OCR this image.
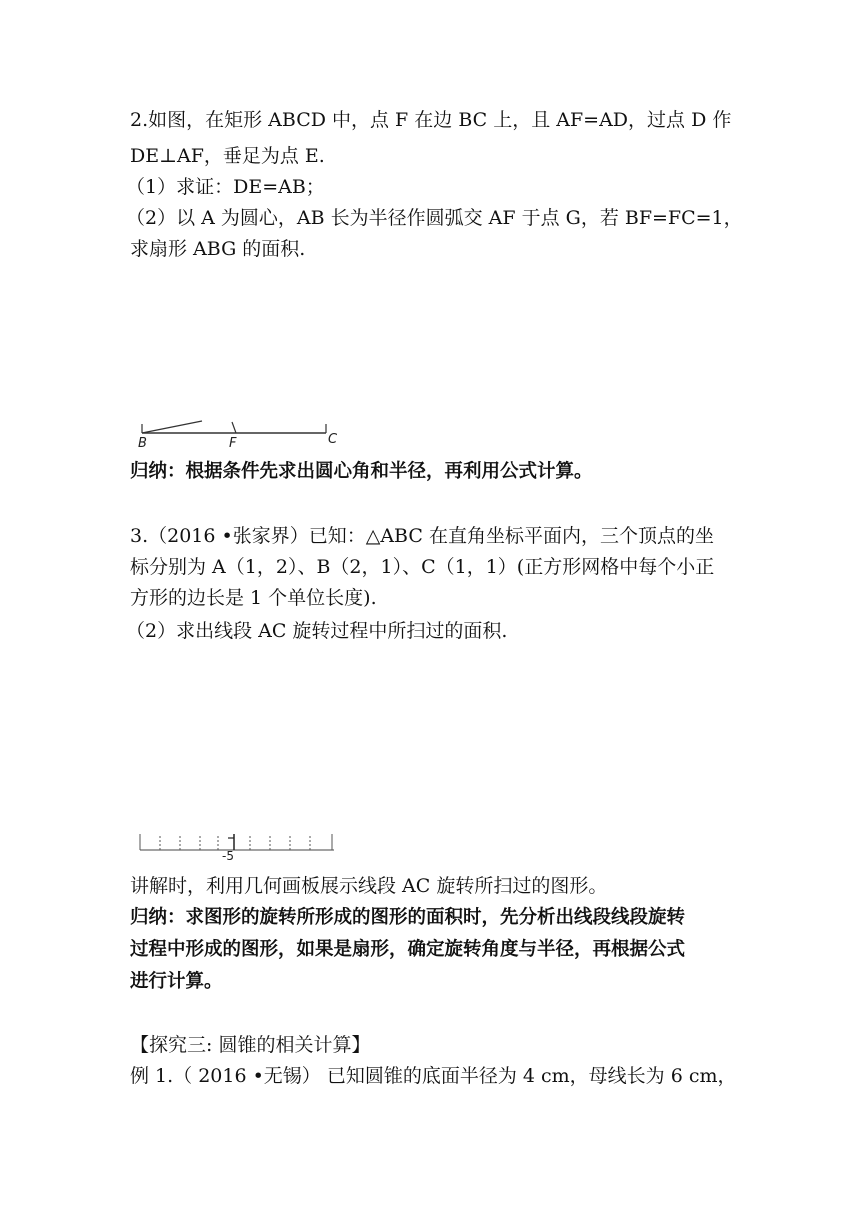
2.如图，在矩形 ABCD 中，点 F 在边 BC 上，且 AF=AD，过点 D 作
DE⊥AF，垂足为点 E.
（1）求证：DE=AB；
（2）以 A 为圆心，AB 长为半径作圆弧交 AF 于点 G，若 BF=FC=1，
求扇形 ABG 的面积.
B	F	C
归纳：根据条件先求出圆心角和半径，再利用公式计算。
3.（2016 •张家界）已知：△ABC 在直角坐标平面内，三个顶点的坐
标分别为 A（1，2）、B（2，1）、C（1，1）(正方形网格中每个小正
方形的边长是 1 个单位长度).
（2）求出线段 AC 旋转过程中所扫过的面积.
-5
讲解时，利用几何画板展示线段 AC 旋转所扫过的图形。
归纳：求图形的旋转所形成的图形的面积时，先分析出线段线段旋转
过程中形成的图形，如果是扇形，确定旋转角度与半径，再根据公式
进行计算。
【探究三: 圆锥的相关计算】
例 1.（ 2016 •无锡） 已知圆锥的底面半径为 4 cm，母线长为 6 cm，
